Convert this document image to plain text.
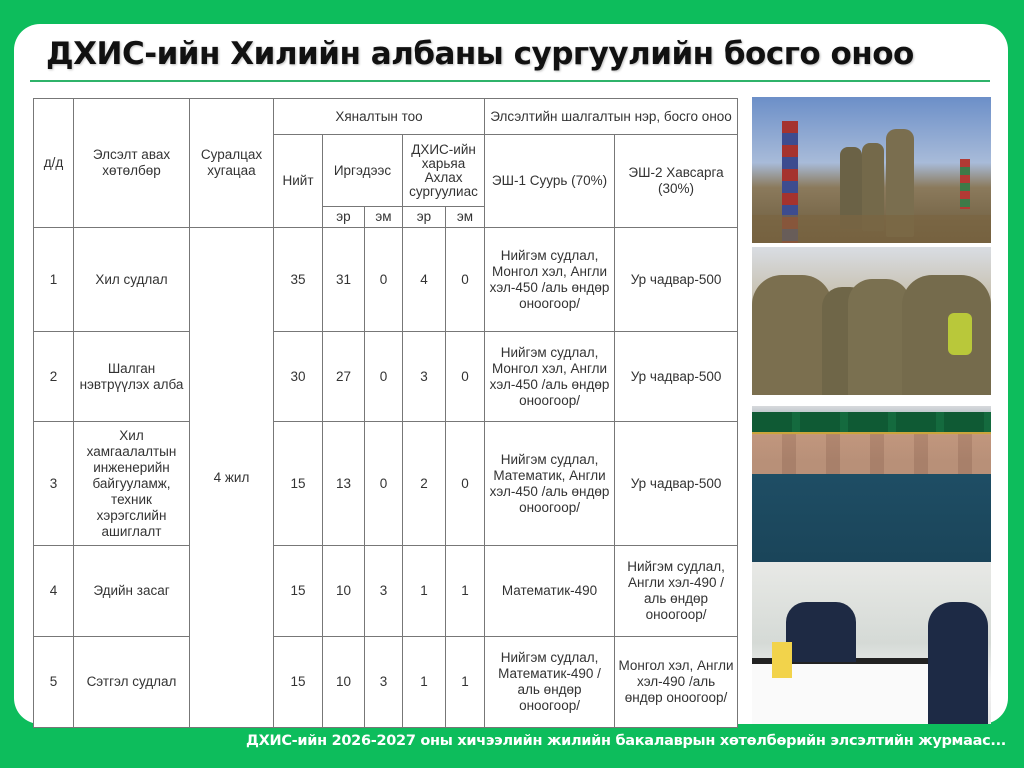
ДХИС-ийн Хилийн албаны сургуулийн босго оноо
д/д	Элсэлт авах хөтөлбөр	Суралцах хугацаа	Хяналтын тоо					Элсэлтийн шалгалтын нэр, босго оноо	
			Нийт	Иргэдээс		ДХИС-ийн харьяа Ахлах сургуулиас		ЭШ-1 Суурь (70%)	ЭШ-2 Хавсарга (30%)
				эр	эм	эр	эм		
1	Хил судлал	4 жил	35	31	0	4	0	Нийгэм судлал, Монгол хэл, Англи хэл-450 /аль өндөр оноогоор/	Ур чадвар-500
2	Шалган нэвтрүүлэх алба		30	27	0	3	0	Нийгэм судлал, Монгол хэл, Англи хэл-450 /аль өндөр оноогоор/	Ур чадвар-500
3	Хил хамгаалалтын инженерийн байгууламж, техник хэрэгслийн ашиглалт		15	13	0	2	0	Нийгэм судлал, Математик, Англи хэл-450 /аль өндөр оноогоор/	Ур чадвар-500
4	Эдийн засаг		15	10	3	1	1	Математик-490	Нийгэм судлал, Англи хэл-490 /аль өндөр оноогоор/
5	Сэтгэл судлал		15	10	3	1	1	Нийгэм судлал, Математик-490 /аль өндөр оноогоор/	Монгол хэл, Англи хэл-490 /аль өндөр оноогоор/
ДХИС-ийн 2026-2027 оны хичээлийн жилийн бакалаврын хөтөлбөрийн элсэлтийн журмаас...
